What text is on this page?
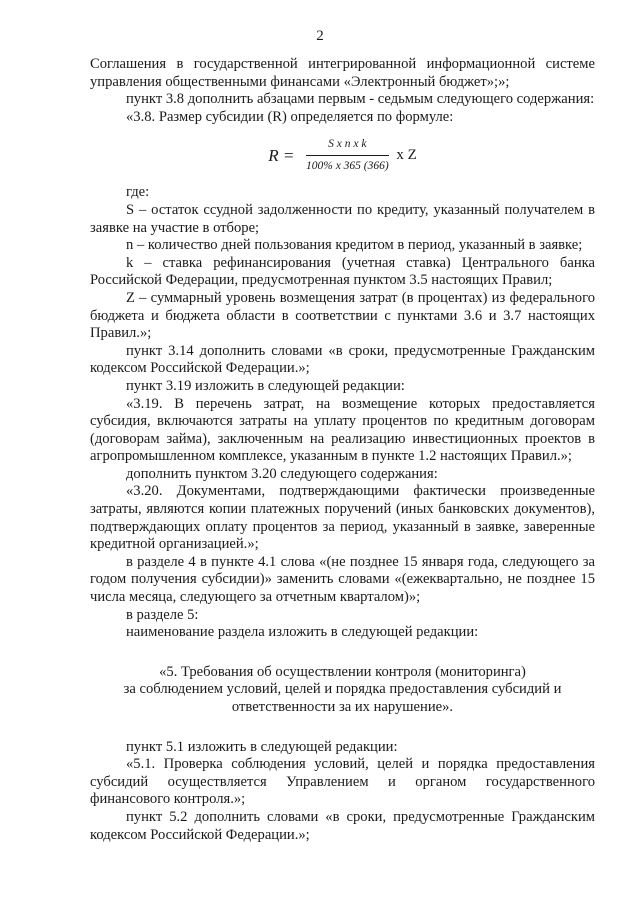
2

Соглашения в государственной интегрированной информационной системе управления общественными финансами «Электронный бюджет»;»;

пункт 3.8 дополнить абзацами первым - седьмым следующего содержания:

«3.8. Размер субсидии (R) определяется по формуле:

$R = \frac{\text{S x n x k}}{100\% x 365 (366)}$ x Z

где:

S – остаток ссудной задолженности по кредиту, указанный получателем в заявке на участие в отборе;

n – количество дней пользования кредитом в период, указанный в заявке;

k – ставка рефинансирования (учетная ставка) Центрального банка Российской Федерации, предусмотренная пунктом 3.5 настоящих Правил;

Z – суммарный уровень возмещения затрат (в процентах) из федерального бюджета и бюджета области в соответствии с пунктами 3.6 и 3.7 настоящих Правил.»;

пункт 3.14 дополнить словами «в сроки, предусмотренные Гражданским кодексом Российской Федерации.»;

пункт 3.19 изложить в следующей редакции:

«3.19. В перечень затрат, на возмещение которых предоставляется субсидия, включаются затраты на уплату процентов по кредитным договорам (договорам займа), заключенным на реализацию инвестиционных проектов в агропромышленном комплексе, указанным в пункте 1.2 настоящих Правил.»;

дополнить пунктом 3.20 следующего содержания:

«3.20. Документами, подтверждающими фактически произведенные затраты, являются копии платежных поручений (иных банковских документов), подтверждающих оплату процентов за период, указанный в заявке, заверенные кредитной организацией.»;

в разделе 4 в пункте 4.1 слова «(не позднее 15 января года, следующего за годом получения субсидии)» заменить словами «(ежеквартально, не позднее 15 числа месяца, следующего за отчетным кварталом)»;

в разделе 5:

наименование раздела изложить в следующей редакции:

«5. Требования об осуществлении контроля (мониторинга)

за соблюдением условий, целей и порядка предоставления субсидий и ответственности за их нарушение».

пункт 5.1 изложить в следующей редакции:

«5.1. Проверка соблюдения условий, целей и порядка предоставления субсидий осуществляется Управлением и органом государственного финансового контроля.»;

пункт 5.2 дополнить словами «в сроки, предусмотренные Гражданским кодексом Российской Федерации.»;
